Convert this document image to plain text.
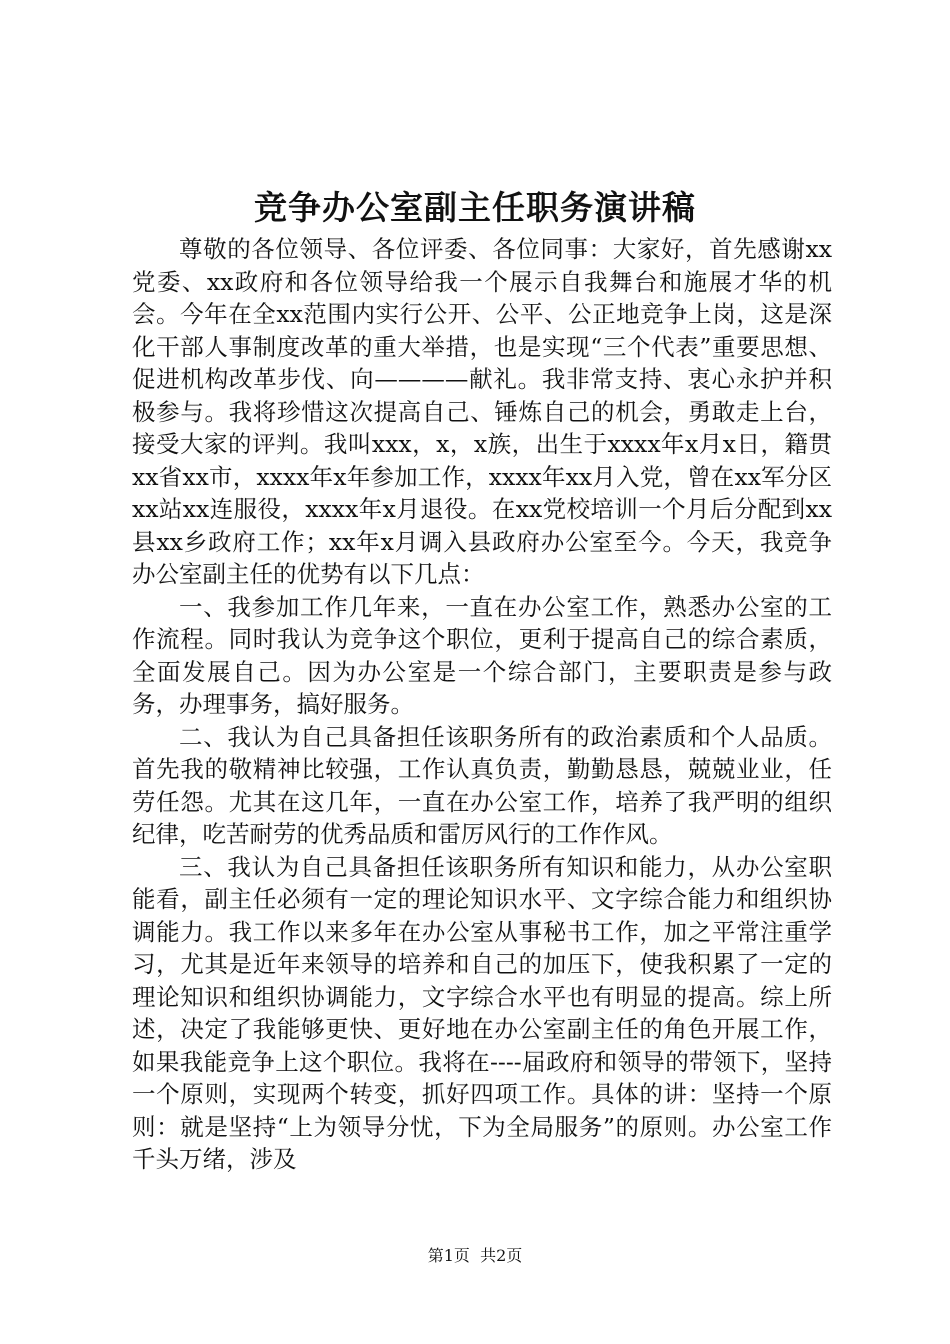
竞争办公室副主任职务演讲稿

尊敬的各位领导、各位评委、各位同事：大家好，首先感谢xx党委、xx政府和各位领导给我一个展示自我舞台和施展才华的机会。今年在全xx范围内实行公开、公平、公正地竞争上岗，这是深化干部人事制度改革的重大举措，也是实现“三个代表”重要思想、促进机构改革步伐、向————献礼。我非常支持、衷心永护并积极参与。我将珍惜这次提高自己、锤炼自己的机会，勇敢走上台，接受大家的评判。我叫xxx，x，x族，出生于xxxx年x月x日，籍贯xx省xx市，xxxx年x年参加工作，xxxx年xx月入党，曾在xx军分区xx站xx连服役，xxxx年x月退役。在xx党校培训一个月后分配到xx县xx乡政府工作；xx年x月调入县政府办公室至今。今天，我竞争办公室副主任的优势有以下几点：

一、我参加工作几年来，一直在办公室工作，熟悉办公室的工作流程。同时我认为竞争这个职位，更利于提高自己的综合素质，全面发展自己。因为办公室是一个综合部门，主要职责是参与政务，办理事务，搞好服务。

二、我认为自己具备担任该职务所有的政治素质和个人品质。首先我的敬精神比较强，工作认真负责，勤勤恳恳，兢兢业业，任劳任怨。尤其在这几年，一直在办公室工作，培养了我严明的组织纪律，吃苦耐劳的优秀品质和雷厉风行的工作作风。

三、我认为自己具备担任该职务所有知识和能力，从办公室职能看，副主任必须有一定的理论知识水平、文字综合能力和组织协调能力。我工作以来多年在办公室从事秘书工作，加之平常注重学习，尤其是近年来领导的培养和自己的加压下，使我积累了一定的理论知识和组织协调能力，文字综合水平也有明显的提高。综上所述，决定了我能够更快、更好地在办公室副主任的角色开展工作，如果我能竞争上这个职位。我将在----届政府和领导的带领下，坚持一个原则，实现两个转变，抓好四项工作。具体的讲：坚持一个原则：就是坚持“上为领导分忧，下为全局服务”的原则。办公室工作千头万绪，涉及

第1页 共2页
